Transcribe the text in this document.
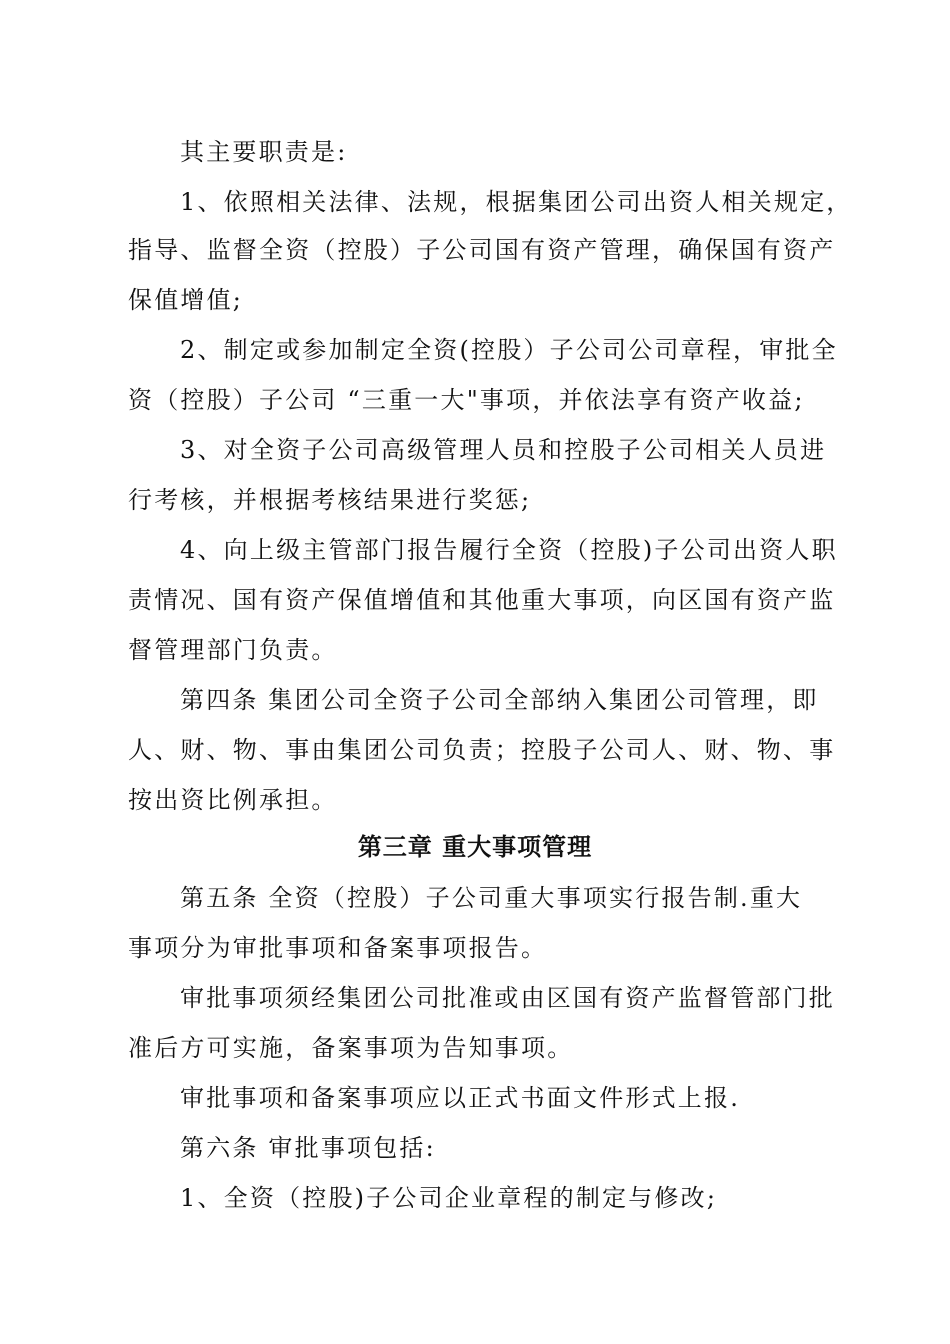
其主要职责是:
1、依照相关法律、法规，根据集团公司出资人相关规定，
指导、监督全资（控股）子公司国有资产管理，确保国有资产
保值增值;
2、制定或参加制定全资(控股）子公司公司章程，审批全
资（控股）子公司 “三重一大"事项，并依法享有资产收益;
3、对全资子公司高级管理人员和控股子公司相关人员进
行考核，并根据考核结果进行奖惩;
4、向上级主管部门报告履行全资（控股)子公司出资人职
责情况、国有资产保值增值和其他重大事项，向区国有资产监
督管理部门负责。
第四条 集团公司全资子公司全部纳入集团公司管理，即
人、财、物、事由集团公司负责；控股子公司人、财、物、事
按出资比例承担。
第三章 重大事项管理
第五条 全资（控股）子公司重大事项实行报告制.重大
事项分为审批事项和备案事项报告。
审批事项须经集团公司批准或由区国有资产监督管部门批
准后方可实施，备案事项为告知事项。
审批事项和备案事项应以正式书面文件形式上报.
第六条 审批事项包括:
1、全资（控股)子公司企业章程的制定与修改;
